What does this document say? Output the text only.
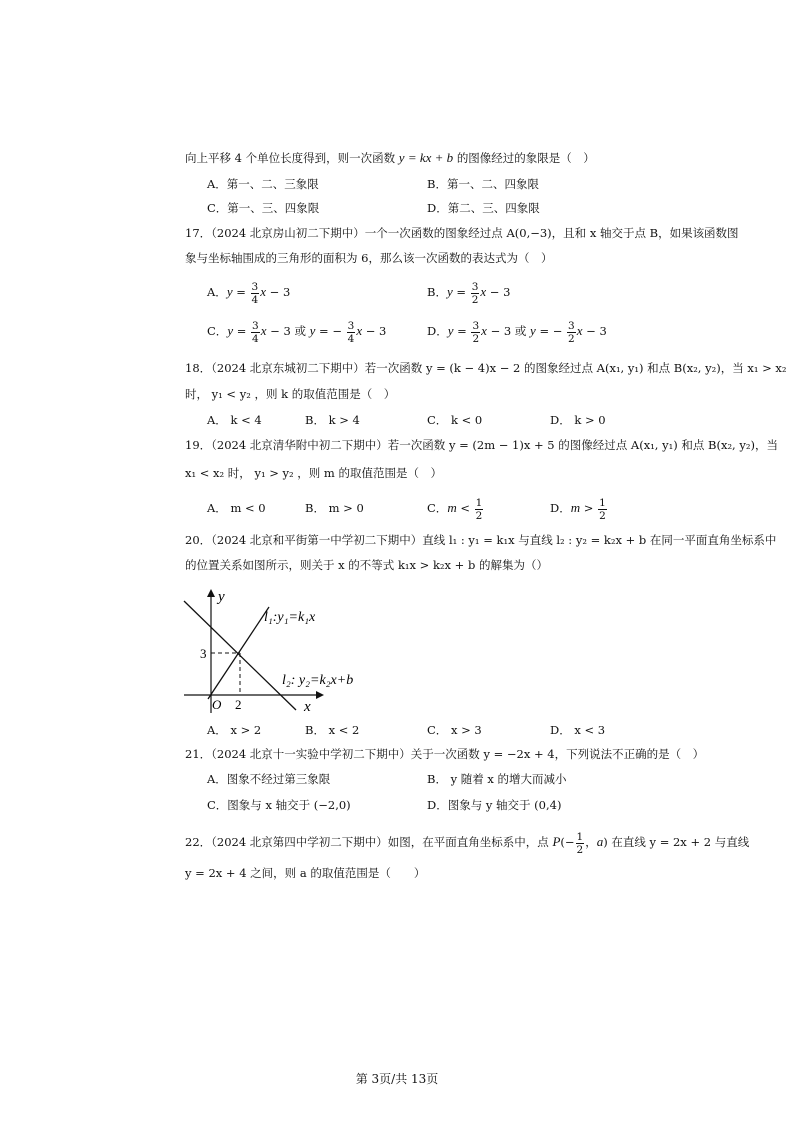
向上平移 4 个单位长度得到，则一次函数 y = kx + b 的图像经过的象限是（　）
A．第一、二、三象限	B．第一、二、四象限
C．第一、三、四象限	D．第二、三、四象限
17．（2024 北京房山初二下期中）一个一次函数的图象经过点 A(0,−3)，且和 x 轴交于点 B，如果该函数图
象与坐标轴围成的三角形的面积为 6，那么该一次函数的表达式为（　）
A．$y = \frac{3}{4}$ x − 3	B．$y = \frac{3}{2}$ x − 3
C．$y = \frac{3}{4}$ x − 3 或 y = − $\frac{3}{4}$ x − 3	D．$y = \frac{3}{2}$ x − 3 或 y = − $\frac{3}{2}$ x − 3
18．（2024 北京东城初二下期中）若一次函数 y = (k − 4)x − 2 的图象经过点 A(x₁, y₁) 和点 B(x₂, y₂)，当 x₁ > x₂
时， y₁ < y₂ ，则 k 的取值范围是（　）
A． k < 4	B． k > 4	C． k < 0	D． k > 0
19．（2024 北京清华附中初二下期中）若一次函数 y = (2m − 1)x + 5 的图像经过点 A(x₁, y₁) 和点 B(x₂, y₂)，当
x₁ < x₂ 时， y₁ > y₂ ，则 m 的取值范围是（　）
A． m < 0	B． m > 0	C．$m < \frac{1}{2}$	D．$m > \frac{1}{2}$
20．（2024 北京和平街第一中学初二下期中）直线 l₁ : y₁ = k₁x 与直线 l₂ : y₂ = k₂x + b 在同一平面直角坐标系中
的位置关系如图所示，则关于 x 的不等式 k₁x > k₂x + b 的解集为（）
y
x
O 2
3
l₁:y₁=k₁x
l₂: y₂=k₂x+b
A． x > 2	B． x < 2	C． x > 3	D． x < 3
21．（2024 北京十一实验中学初二下期中）关于一次函数 y = −2x + 4，下列说法不正确的是（　）
A．图象不经过第三象限	B． y 随着 x 的增大而减小
C．图象与 x 轴交于 (−2,0)	D．图象与 y 轴交于 (0,4)
22．（2024 北京第四中学初二下期中）如图，在平面直角坐标系中，点 $P(- \frac{1}{2}$ ，a) 在直线 y = 2x + 2 与直线
y = 2x + 4 之间，则 a 的取值范围是（　　）
第 3页/共 13页
